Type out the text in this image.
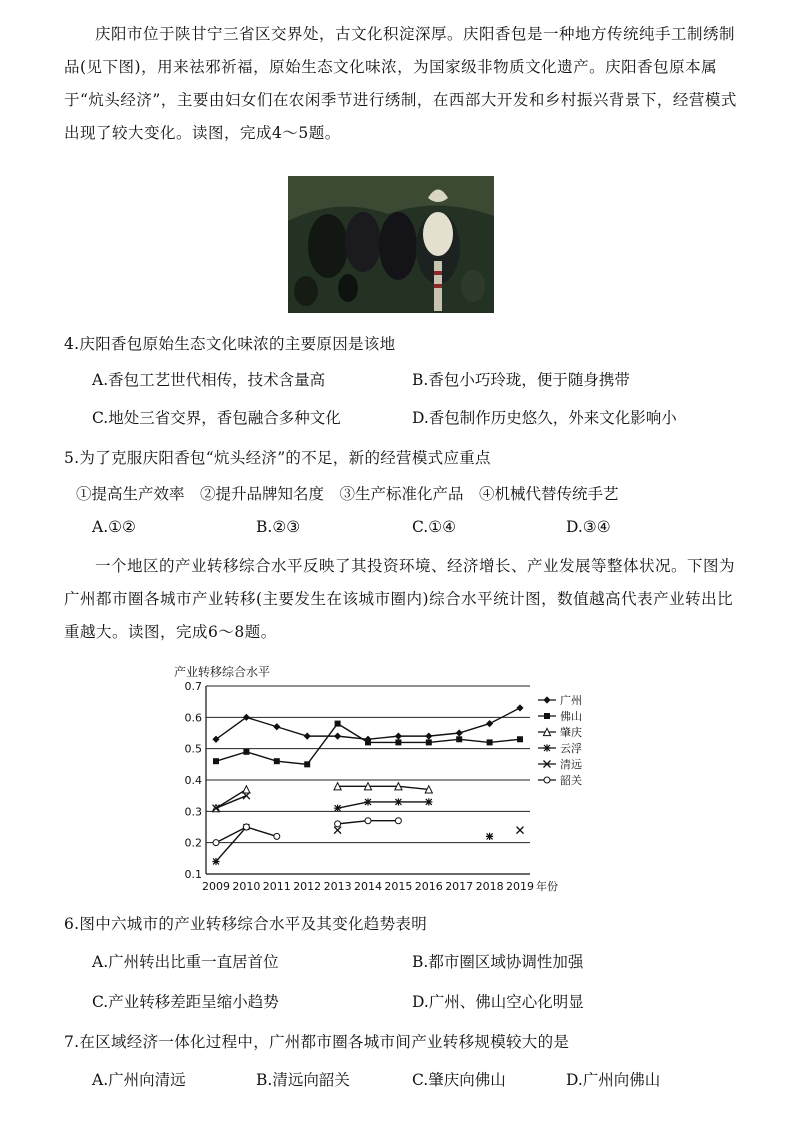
庆阳市位于陕甘宁三省区交界处，古文化积淀深厚。庆阳香包是一种地方传统纯手工制绣制品(见下图)，用来祛邪祈福，原始生态文化味浓，为国家级非物质文化遗产。庆阳香包原本属于“炕头经济”，主要由妇女们在农闲季节进行绣制，在西部大开发和乡村振兴背景下，经营模式出现了较大变化。读图，完成4～5题。

4.庆阳香包原始生态文化味浓的主要原因是该地
A.香包工艺世代相传，技术含量高	B.香包小巧玲珑，便于随身携带
C.地处三省交界，香包融合多种文化	D.香包制作历史悠久，外来文化影响小
5.为了克服庆阳香包“炕头经济”的不足，新的经营模式应重点
①提高生产效率　②提升品牌知名度　③生产标准化产品　④机械代替传统手艺
A.①②	B.②③	C.①④	D.③④

一个地区的产业转移综合水平反映了其投资环境、经济增长、产业发展等整体状况。下图为广州都市圈各城市产业转移(主要发生在该城市圈内)综合水平统计图，数值越高代表产业转出比重越大。读图，完成6～8题。

产业转移综合水平
0.1
0.2
0.3
0.4
0.5
0.6
0.7
2009 2010 2011 2012 2013 2014 2015 2016 2017 2018 2019 年份
广州
佛山
肇庆
云浮
清远
韶关
6.图中六城市的产业转移综合水平及其变化趋势表明
A.广州转出比重一直居首位	B.都市圈区域协调性加强
C.产业转移差距呈缩小趋势	D.广州、佛山空心化明显
7.在区域经济一体化过程中，广州都市圈各城市间产业转移规模较大的是
A.广州向清远	B.清远向韶关	C.肇庆向佛山	D.广州向佛山
